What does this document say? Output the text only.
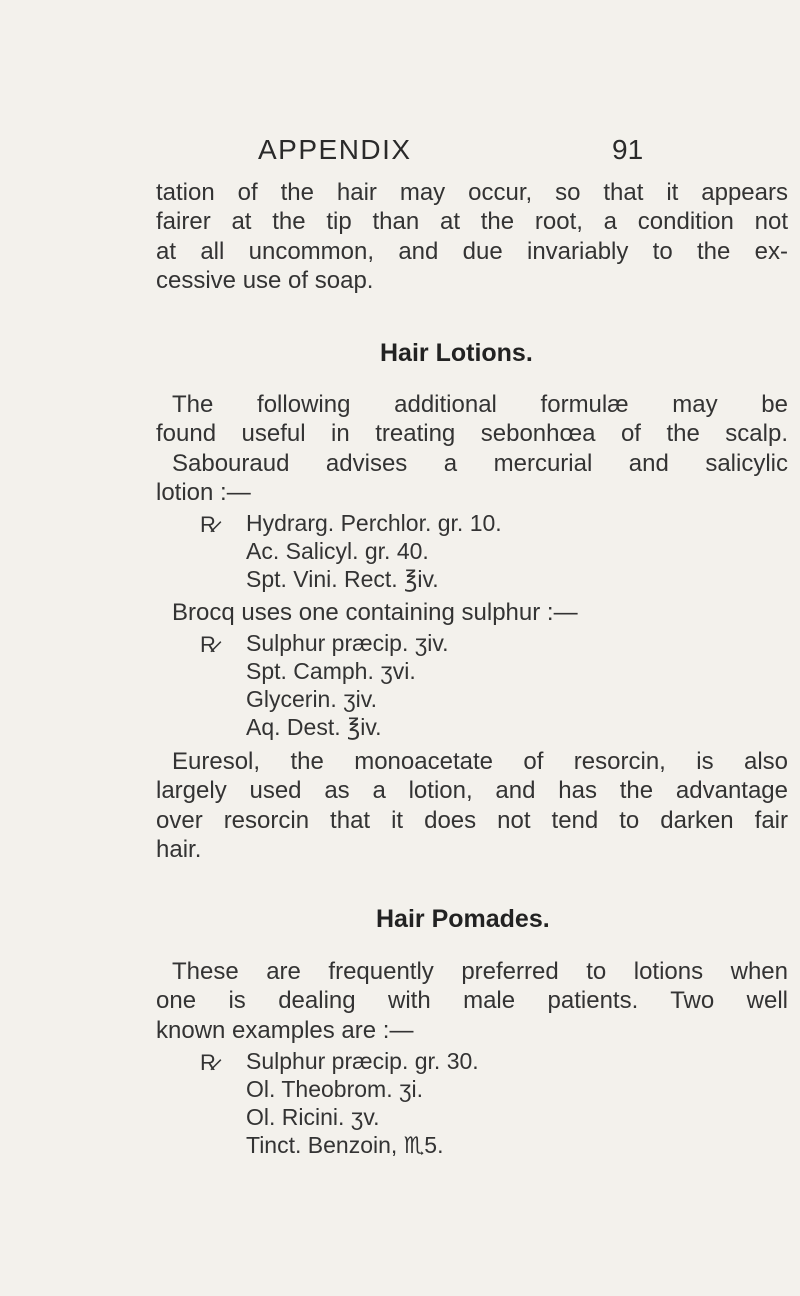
APPENDIX	91
tation of the hair may occur, so that it appears
fairer at the tip than at the root, a condition not
at all uncommon, and due invariably to the ex-
cessive use of soap.
Hair Lotions.
The following additional formulæ may be
found useful in treating sebonhœa of the scalp.
Sabouraud advises a mercurial and salicylic
lotion :—
R̷ Hydrarg. Perchlor. gr. 10.
Ac. Salicyl. gr. 40.
Spt. Vini. Rect. ℥iv.
Brocq uses one containing sulphur :—
R̷ Sulphur præcip. ʒiv.
Spt. Camph. ʒvi.
Glycerin. ʒiv.
Aq. Dest. ℥iv.
Euresol, the monoacetate of resorcin, is also
largely used as a lotion, and has the advantage
over resorcin that it does not tend to darken fair
hair.
Hair Pomades.
These are frequently preferred to lotions when
one is dealing with male patients. Two well
known examples are :—
R̷ Sulphur præcip. gr. 30.
Ol. Theobrom. ʒi.
Ol. Ricini. ʒv.
Tinct. Benzoin, ♏5.
